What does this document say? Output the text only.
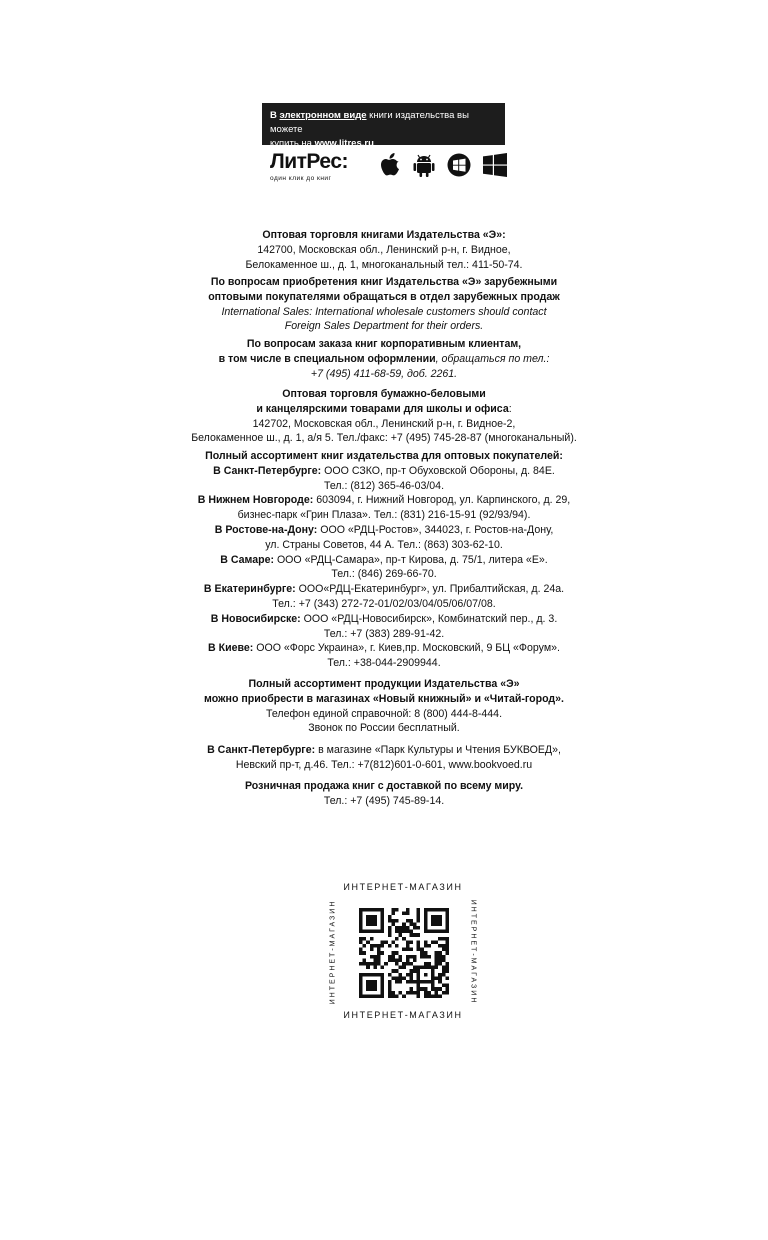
В электронном виде книги издательства вы можете
купить на www.litres.ru
ЛитРес:
один клик до книг

Оптовая торговля книгами Издательства «Э»:

142700, Московская обл., Ленинский р-н, г. Видное,

Белокаменное ш., д. 1, многоканальный тел.: 411-50-74.

По вопросам приобретения книг Издательства «Э» зарубежными

оптовыми покупателями обращаться в отдел зарубежных продаж

International Sales: International wholesale customers should contact

Foreign Sales Department for their orders.

По вопросам заказа книг корпоративным клиентам,

в том числе в специальном оформлении, обращаться по тел.:

+7 (495) 411-68-59, доб. 2261.

Оптовая торговля бумажно-беловыми

и канцелярскими товарами для школы и офиса:

142702, Московская обл., Ленинский р-н, г. Видное-2,

Белокаменное ш., д. 1, а/я 5. Тел./факс: +7 (495) 745-28-87 (многоканальный).

Полный ассортимент книг издательства для оптовых покупателей:

В Санкт-Петербурге: ООО СЗКО, пр-т Обуховской Обороны, д. 84Е.

Тел.: (812) 365-46-03/04.

В Нижнем Новгороде: 603094, г. Нижний Новгород, ул. Карпинского, д. 29,

бизнес-парк «Грин Плаза». Тел.: (831) 216-15-91 (92/93/94).

В Ростове-на-Дону: ООО «РДЦ-Ростов», 344023, г. Ростов-на-Дону,

ул. Страны Советов, 44 А. Тел.: (863) 303-62-10.

В Самаре: ООО «РДЦ-Самара», пр-т Кирова, д. 75/1, литера «Е».

Тел.: (846) 269-66-70.

В Екатеринбурге: ООО«РДЦ-Екатеринбург», ул. Прибалтийская, д. 24а.

Тел.: +7 (343) 272-72-01/02/03/04/05/06/07/08.

В Новосибирске: ООО «РДЦ-Новосибирск», Комбинатский пер., д. 3.

Тел.: +7 (383) 289-91-42.

В Киеве: ООО «Форс Украина», г. Киев,пр. Московский, 9 БЦ «Форум».

Тел.: +38-044-2909944.

Полный ассортимент продукции Издательства «Э»

можно приобрести в магазинах «Новый книжный» и «Читай-город».

Телефон единой справочной: 8 (800) 444-8-444.

Звонок по России бесплатный.

В Санкт-Петербурге: в магазине «Парк Культуры и Чтения БУКВОЕД»,

Невский пр-т, д.46. Тел.: +7(812)601-0-601, www.bookvoed.ru

Розничная продажа книг с доставкой по всему миру.

Тел.: +7 (495) 745-89-14.

ИНТЕРНЕТ-МАГАЗИН
ИНТЕРНЕТ-МАГАЗИН	ИНТЕРНЕТ-МАГАЗИН
ИНТЕРНЕТ-МАГАЗИН
